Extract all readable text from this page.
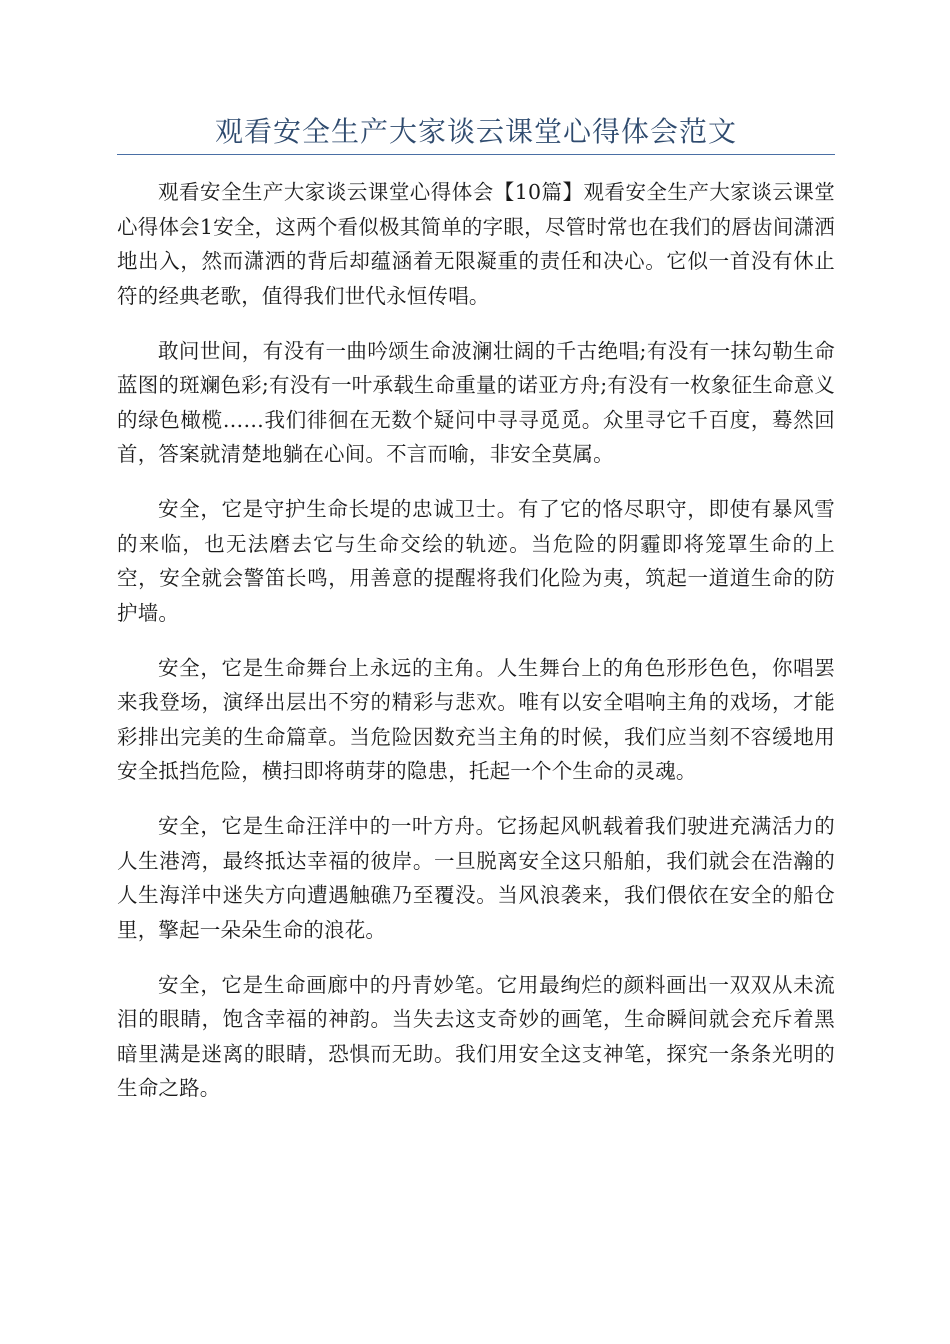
观看安全生产大家谈云课堂心得体会范文

观看安全生产大家谈云课堂心得体会【10篇】观看安全生产大家谈云课堂心得体会1安全，这两个看似极其简单的字眼，尽管时常也在我们的唇齿间潇洒地出入，然而潇洒的背后却蕴涵着无限凝重的责任和决心。它似一首没有休止符的经典老歌，值得我们世代永恒传唱。

敢问世间，有没有一曲吟颂生命波澜壮阔的千古绝唱;有没有一抹勾勒生命蓝图的斑斓色彩;有没有一叶承载生命重量的诺亚方舟;有没有一枚象征生命意义的绿色橄榄……我们徘徊在无数个疑问中寻寻觅觅。众里寻它千百度，蓦然回首，答案就清楚地躺在心间。不言而喻，非安全莫属。

安全，它是守护生命长堤的忠诚卫士。有了它的恪尽职守，即使有暴风雪的来临，也无法磨去它与生命交绘的轨迹。当危险的阴霾即将笼罩生命的上空，安全就会警笛长鸣，用善意的提醒将我们化险为夷，筑起一道道生命的防护墙。

安全，它是生命舞台上永远的主角。人生舞台上的角色形形色色，你唱罢来我登场，演绎出层出不穷的精彩与悲欢。唯有以安全唱响主角的戏场，才能彩排出完美的生命篇章。当危险因数充当主角的时候，我们应当刻不容缓地用安全抵挡危险，横扫即将萌芽的隐患，托起一个个生命的灵魂。

安全，它是生命汪洋中的一叶方舟。它扬起风帆载着我们驶进充满活力的人生港湾，最终抵达幸福的彼岸。一旦脱离安全这只船舶，我们就会在浩瀚的人生海洋中迷失方向遭遇触礁乃至覆没。当风浪袭来，我们偎依在安全的船仓里，擎起一朵朵生命的浪花。

安全，它是生命画廊中的丹青妙笔。它用最绚烂的颜料画出一双双从未流泪的眼睛，饱含幸福的神韵。当失去这支奇妙的画笔，生命瞬间就会充斥着黑暗里满是迷离的眼睛，恐惧而无助。我们用安全这支神笔，探究一条条光明的生命之路。
